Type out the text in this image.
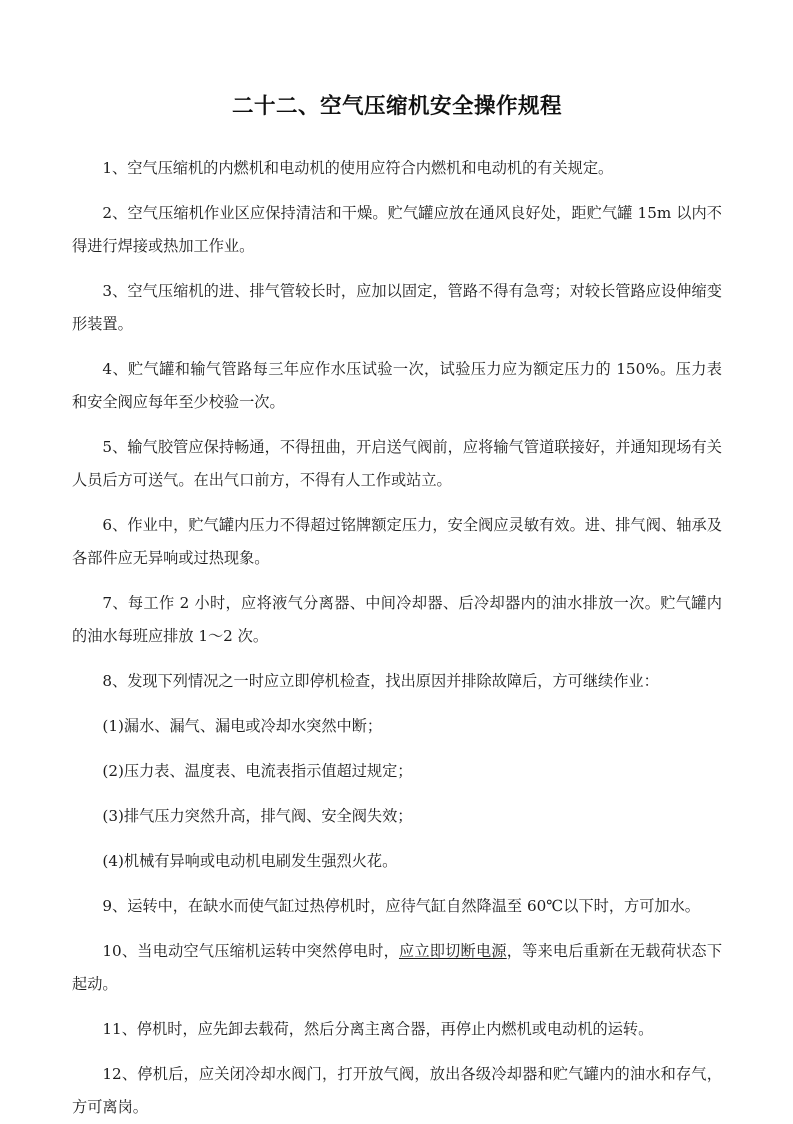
二十二、空气压缩机安全操作规程

1、空气压缩机的内燃机和电动机的使用应符合内燃机和电动机的有关规定。

2、空气压缩机作业区应保持清洁和干燥。贮气罐应放在通风良好处，距贮气罐 15m 以内不得进行焊接或热加工作业。

3、空气压缩机的进、排气管较长时，应加以固定，管路不得有急弯；对较长管路应设伸缩变形装置。

4、贮气罐和输气管路每三年应作水压试验一次，试验压力应为额定压力的 150%。压力表和安全阀应每年至少校验一次。

5、输气胶管应保持畅通，不得扭曲，开启送气阀前，应将输气管道联接好，并通知现场有关人员后方可送气。在出气口前方，不得有人工作或站立。

6、作业中，贮气罐内压力不得超过铭牌额定压力，安全阀应灵敏有效。进、排气阀、轴承及各部件应无异响或过热现象。

7、每工作 2 小时，应将液气分离器、中间冷却器、后冷却器内的油水排放一次。贮气罐内的油水每班应排放 1～2 次。

8、发现下列情况之一时应立即停机检查，找出原因并排除故障后，方可继续作业：

(1)漏水、漏气、漏电或冷却水突然中断；

(2)压力表、温度表、电流表指示值超过规定；

(3)排气压力突然升高，排气阀、安全阀失效；

(4)机械有异响或电动机电刷发生强烈火花。

9、运转中，在缺水而使气缸过热停机时，应待气缸自然降温至 60℃以下时，方可加水。

10、当电动空气压缩机运转中突然停电时，应立即切断电源，等来电后重新在无载荷状态下起动。

11、停机时，应先卸去载荷，然后分离主离合器，再停止内燃机或电动机的运转。

12、停机后，应关闭冷却水阀门，打开放气阀，放出各级冷却器和贮气罐内的油水和存气，方可离岗。
